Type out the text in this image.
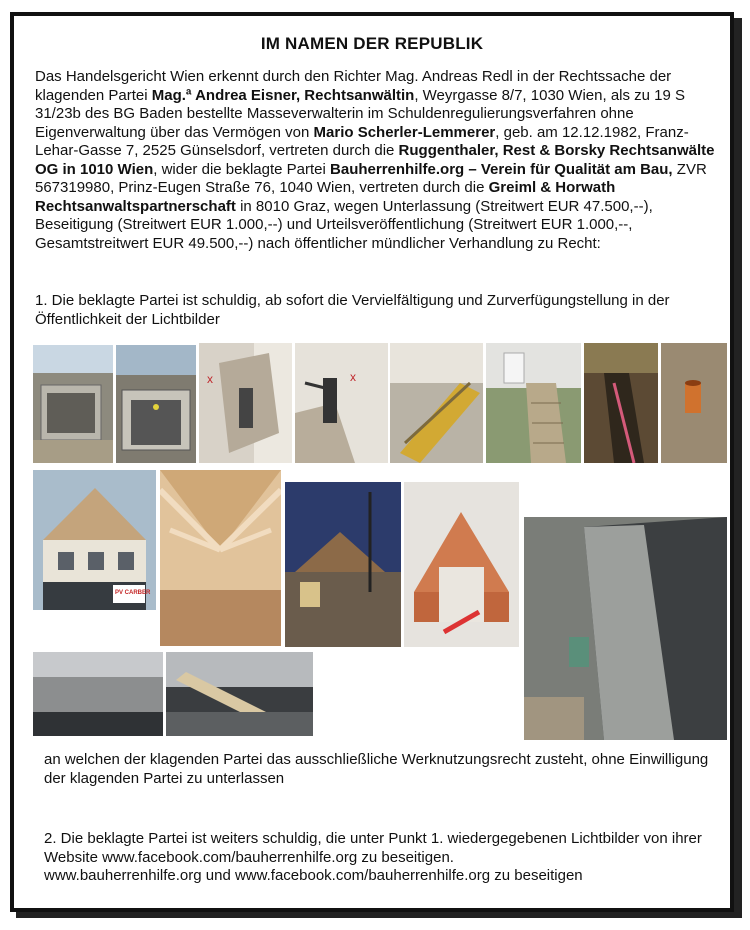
IM NAMEN DER REPUBLIK

Das Handelsgericht Wien erkennt durch den Richter Mag. Andreas Redl in der Rechtssache der klagenden Partei Mag.ª Andrea Eisner, Rechtsanwältin, Weyrgasse 8/7, 1030 Wien, als zu 19 S 31/23b des BG Baden bestellte Masseverwalterin im Schuldenregulierungsverfahren ohne Eigenverwaltung über das Vermögen von Mario Scherler-Lemmerer, geb. am 12.12.1982, Franz-Lehar-Gasse 7, 2525 Günselsdorf, vertreten durch die Ruggenthaler, Rest & Borsky Rechtsanwälte OG in 1010 Wien, wider die beklagte Partei Bauherrenhilfe.org – Verein für Qualität am Bau, ZVR 567319980, Prinz-Eugen Straße 76, 1040 Wien, vertreten durch die Greiml & Horwath Rechtsanwaltspartnerschaft in 8010 Graz, wegen Unterlassung (Streitwert EUR 47.500,--), Beseitigung (Streitwert EUR 1.000,--) und Urteilsveröffentlichung (Streitwert EUR 1.000,--, Gesamtstreitwert EUR 49.500,--) nach öffentlicher mündlicher Verhandlung zu Recht:

1. Die beklagte Partei ist schuldig, ab sofort die Vervielfältigung und Zurverfügungstellung in der Öffentlichkeit der Lichtbilder

x	x
PV CARBER

an welchen der klagenden Partei das ausschließliche Werknutzungsrecht zusteht, ohne Einwilligung der klagenden Partei zu unterlassen

2. Die beklagte Partei ist weiters schuldig, die unter Punkt 1. wiedergegebenen Lichtbilder von ihrer Website www.facebook.com/bauherrenhilfe.org zu beseitigen.
www.bauherrenhilfe.org und www.facebook.com/bauherrenhilfe.org zu beseitigen
